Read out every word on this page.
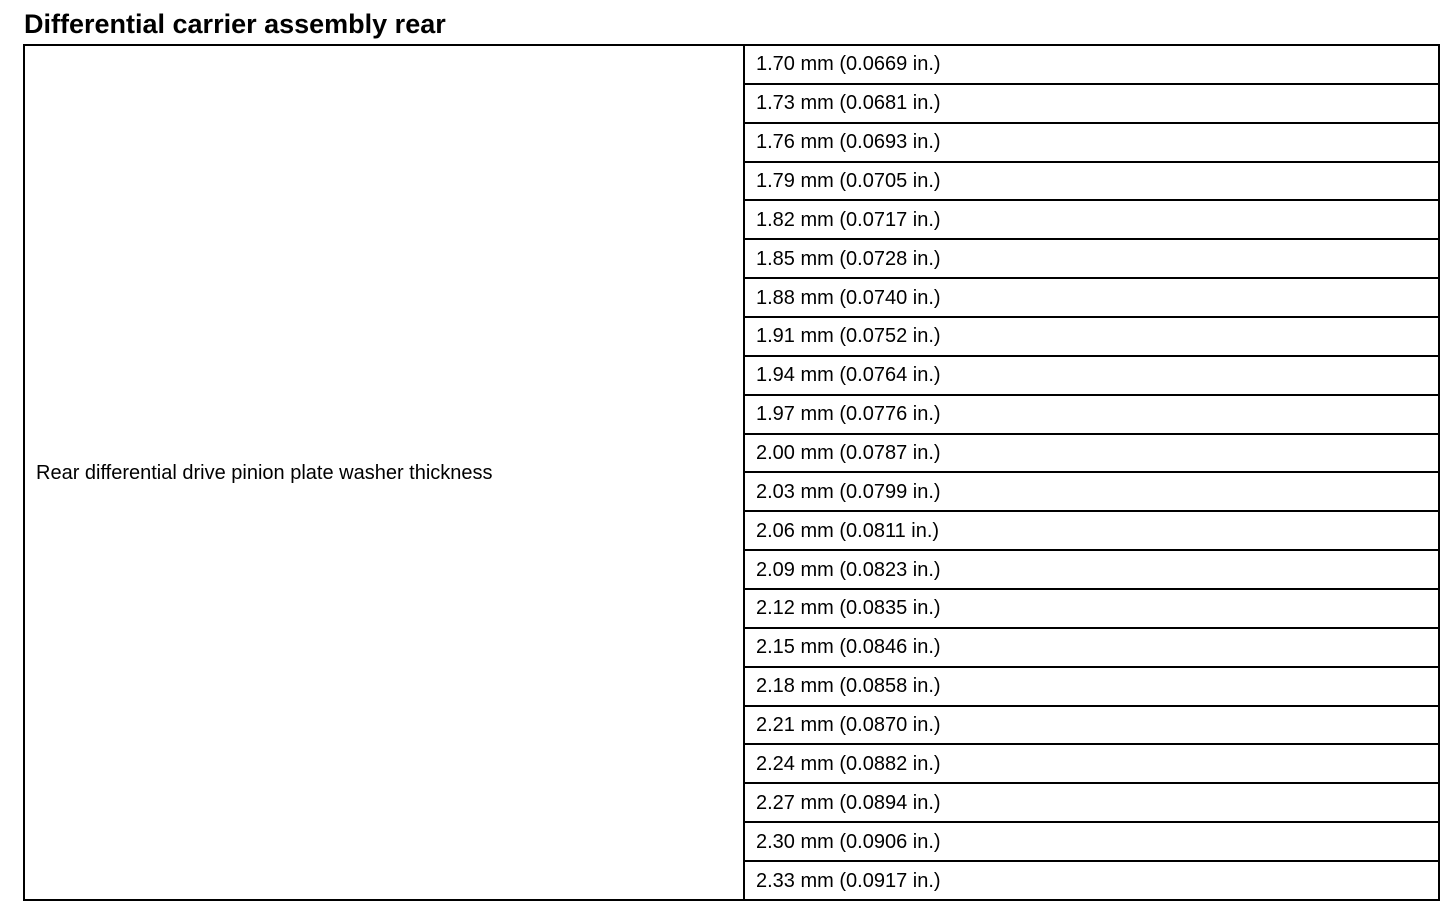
Differential carrier assembly rear
Rear differential drive pinion plate washer thickness	1.70 mm (0.0669 in.)
1.73 mm (0.0681 in.)
1.76 mm (0.0693 in.)
1.79 mm (0.0705 in.)
1.82 mm (0.0717 in.)
1.85 mm (0.0728 in.)
1.88 mm (0.0740 in.)
1.91 mm (0.0752 in.)
1.94 mm (0.0764 in.)
1.97 mm (0.0776 in.)
2.00 mm (0.0787 in.)
2.03 mm (0.0799 in.)
2.06 mm (0.0811 in.)
2.09 mm (0.0823 in.)
2.12 mm (0.0835 in.)
2.15 mm (0.0846 in.)
2.18 mm (0.0858 in.)
2.21 mm (0.0870 in.)
2.24 mm (0.0882 in.)
2.27 mm (0.0894 in.)
2.30 mm (0.0906 in.)
2.33 mm (0.0917 in.)
